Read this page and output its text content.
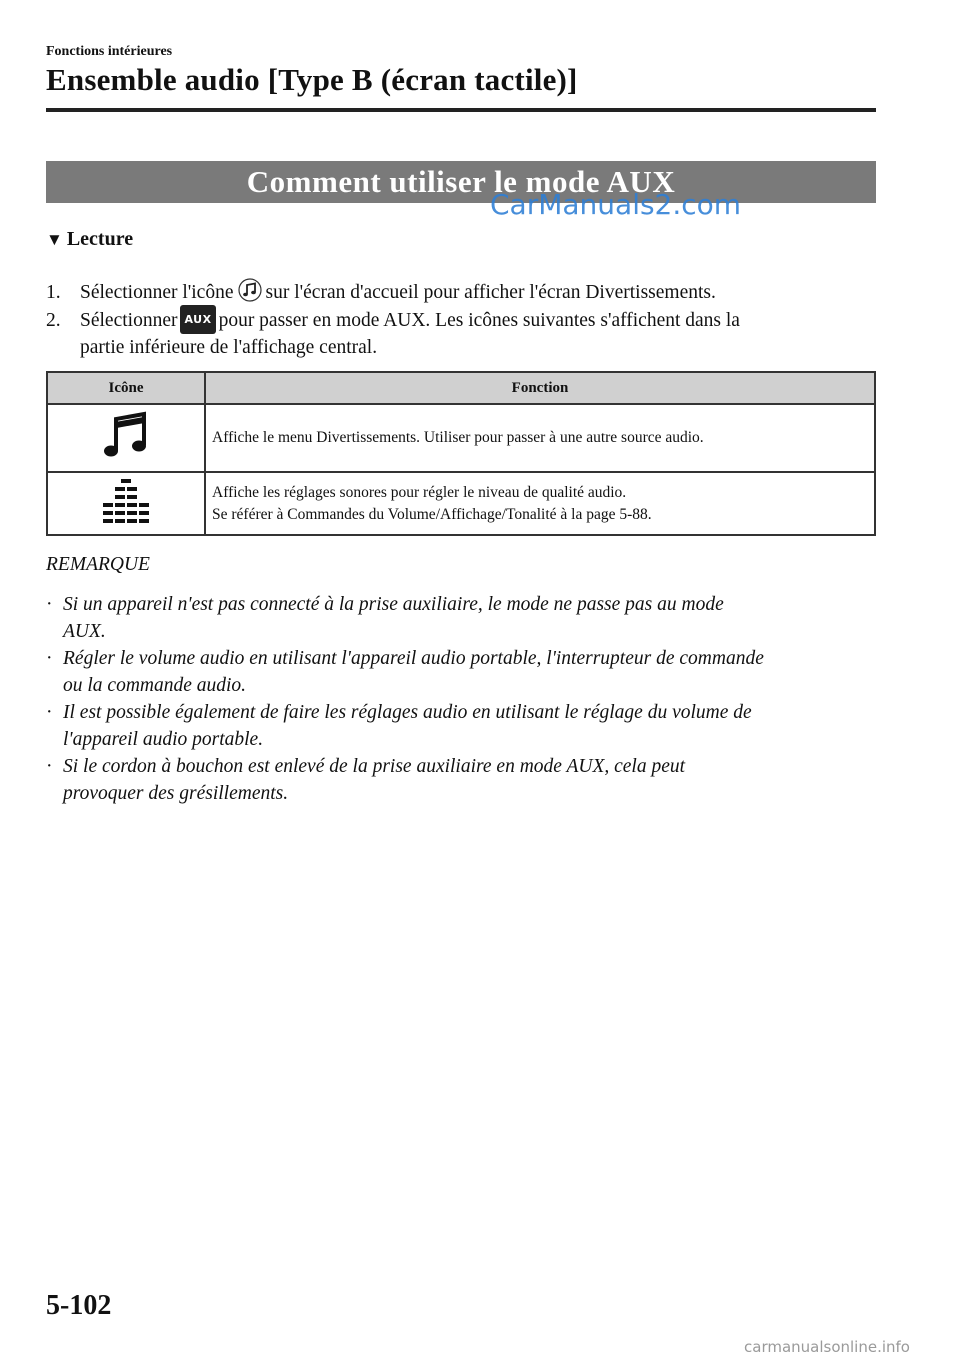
Fonctions intérieures
Ensemble audio [Type B (écran tactile)]
Comment utiliser le mode AUX
CarManuals2.com
▼ Lecture
1. Sélectionner l'icône sur l'écran d'accueil pour afficher l'écran Divertissements.
2. Sélectionner AUX pour passer en mode AUX. Les icônes suivantes s'affichent dans la
partie inférieure de l'affichage central.
Icône	Fonction

Affiche le menu Divertissements. Utiliser pour passer à une autre source audio.

Affiche les réglages sonores pour régler le niveau de qualité audio.
Se référer à Commandes du Volume/Affichage/Tonalité à la page 5-88.
REMARQUE
· Si un appareil n'est pas connecté à la prise auxiliaire, le mode ne passe pas au mode
AUX.
· Régler le volume audio en utilisant l'appareil audio portable, l'interrupteur de commande
ou la commande audio.
· Il est possible également de faire les réglages audio en utilisant le réglage du volume de
l'appareil audio portable.
· Si le cordon à bouchon est enlevé de la prise auxiliaire en mode AUX, cela peut
provoquer des grésillements.
5-102
carmanualsonline.info
